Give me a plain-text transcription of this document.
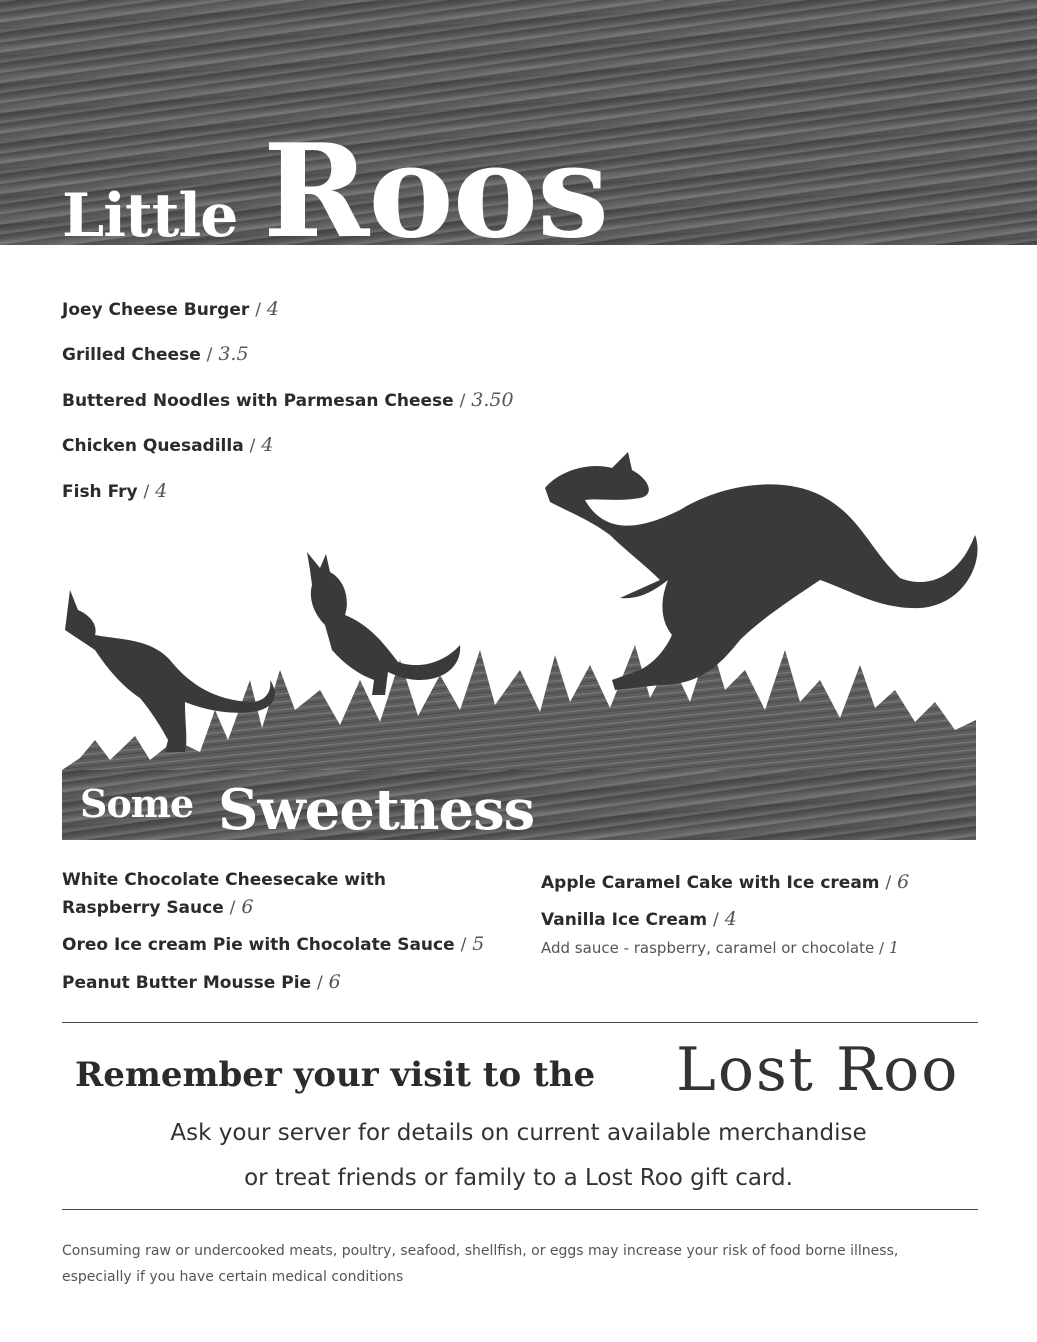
Little Roos
Joey Cheese Burger / 4
Grilled Cheese / 3.5
Buttered Noodles with Parmesan Cheese / 3.50
Chicken Quesadilla / 4
Fish Fry / 4
Some Sweetness
White Chocolate Cheesecake with Raspberry Sauce / 6
Oreo Ice cream Pie with Chocolate Sauce / 5
Peanut Butter Mousse Pie / 6
Apple Caramel Cake with Ice cream / 6
Vanilla Ice Cream / 4
Add sauce - raspberry, caramel or chocolate / 1
Remember your visit to the Lost Roo
Ask your server for details on current available merchandise
or treat friends or family to a Lost Roo gift card.
Consuming raw or undercooked meats, poultry, seafood, shellfish, or eggs may increase your risk of food borne illness, especially if you have certain medical conditions
